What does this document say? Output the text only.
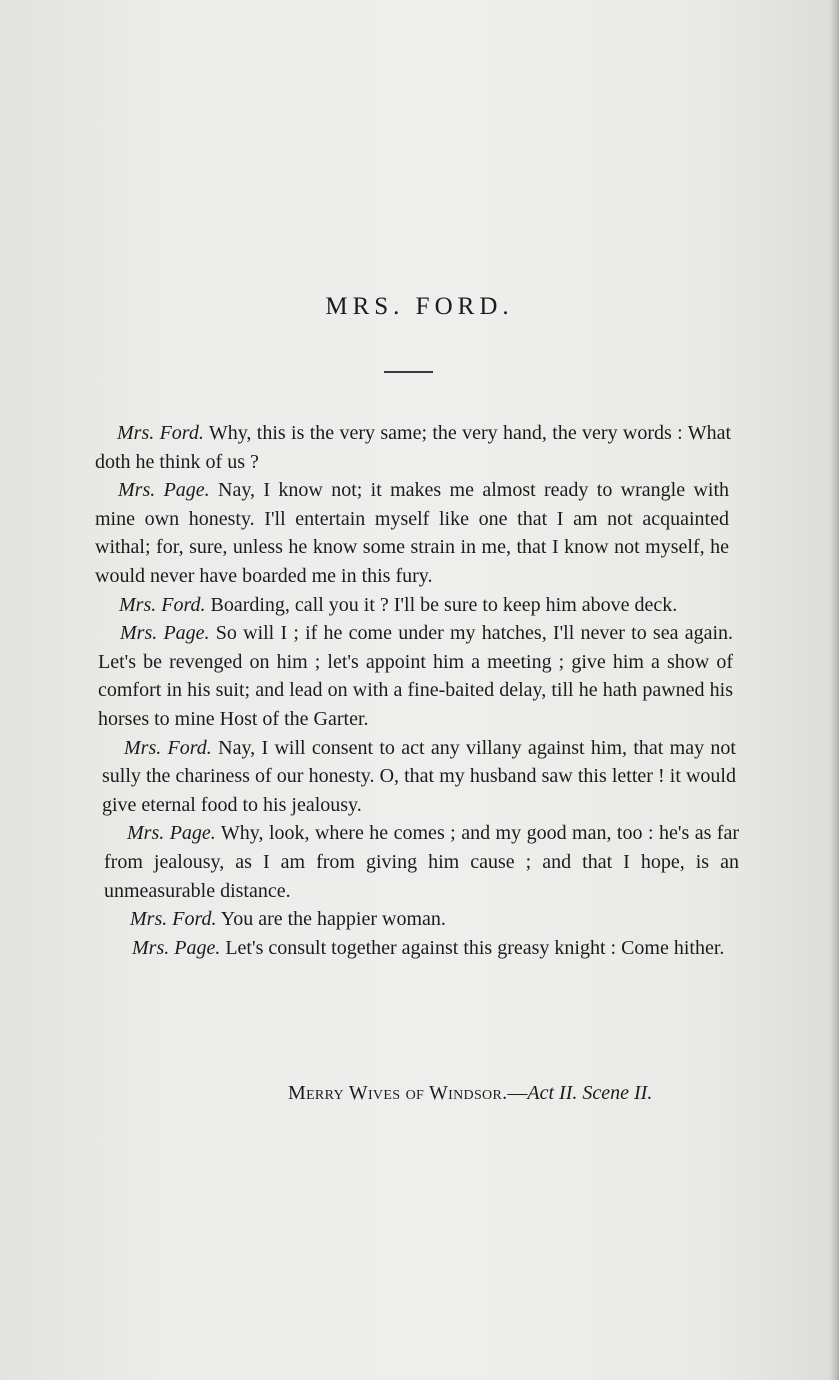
MRS. FORD.

Mrs. Ford. Why, this is the very same; the very hand, the very words : What doth he think of us ?

Mrs. Page. Nay, I know not; it makes me almost ready to wrangle with mine own honesty. I'll entertain myself like one that I am not acquainted withal; for, sure, unless he know some strain in me, that I know not myself, he would never have boarded me in this fury.

Mrs. Ford. Boarding, call you it ? I'll be sure to keep him above deck.

Mrs. Page. So will I ; if he come under my hatches, I'll never to sea again. Let's be revenged on him ; let's appoint him a meeting ; give him a show of comfort in his suit; and lead on with a fine-baited delay, till he hath pawned his horses to mine Host of the Garter.

Mrs. Ford. Nay, I will consent to act any villany against him, that may not sully the chariness of our honesty. O, that my husband saw this letter ! it would give eternal food to his jealousy.

Mrs. Page. Why, look, where he comes ; and my good man, too : he's as far from jealousy, as I am from giving him cause ; and that I hope, is an unmeasurable distance.

Mrs. Ford. You are the happier woman.

Mrs. Page. Let's consult together against this greasy knight : Come hither.

Merry Wives of Windsor.—Act II. Scene II.
